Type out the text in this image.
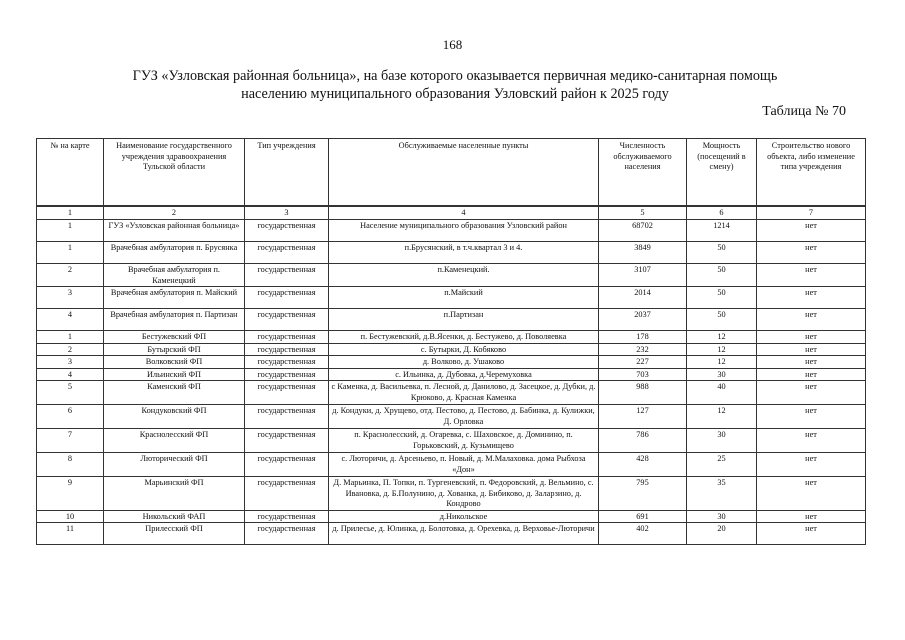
168
ГУЗ «Узловская районная больница», на базе которого оказывается первичная медико-санитарная помощь
населению муниципального образования Узловский район к 2025 году
Таблица № 70
№ на карте	Наименование государственного учреждения здравоохранения Тульской области	Тип учреждения	Обслуживаемые населенные пункты	Численность обслуживаемого населения	Мощность (посещений в смену)	Строительство нового объекта, либо изменение типа учреждения
1	2	3	4	5	6	7
1	ГУЗ «Узловская районная больница»	государственная	Население муниципального образования Узловский район	68702	1214	нет
1	Врачебная амбулатория п. Брусянка	государственная	п.Брусянский, в т.ч.квартал 3 и 4.	3849	50	нет
2	Врачебная амбулатория п. Каменецкий	государственная	п.Каменецкий.	3107	50	нет
3	Врачебная амбулатория п. Майский	государственная	п.Майский	2014	50	нет
4	Врачебная амбулатория п. Партизан	государственная	п.Партизан	2037	50	нет
1	Бестужевский ФП	государственная	п. Бестужевский, д.В.Ясенки, д. Бестужево, д. Поволяевка	178	12	нет
2	Бутырский ФП	государственная	с. Бутырки, Д. Кобяково	232	12	нет
3	Волковский ФП	государственная	д. Волково, д. Ушаково	227	12	нет
4	Ильинский ФП	государственная	с. Ильинка, д. Дубовка, д.Черемуховка	703	30	нет
5	Каменский ФП	государственная	с Каменка, д. Васильевка, п. Лесной, д. Данилово, д. Засецкое, д. Дубки, д. Крюково, д. Красная Каменка	988	40	нет
6	Кондуковский ФП	государственная	д. Кондуки, д. Хрущево, отд. Пестово, д. Пестово, д. Бабинка, д. Кулижки, Д. Орловка	127	12	нет
7	Краснолесский ФП	государственная	п. Краснолесский, д. Огаревка, с. Шаховское, д. Доминино, п. Горьковский, д. Кузьмищево	786	30	нет
8	Люторический ФП	государственная	с. Люторичи, д. Арсеньево, п. Новый, д. М.Малаховка. дома Рыбхоза «Дон»	428	25	нет
9	Марьинский ФП	государственная	Д. Марьинка, П. Топки, п. Тургеневский, п. Федоровский, д. Вельмино, с. Ивановка, д. Б.Полунино, д. Хованка, д. Бибиково, д. Заларзино, д. Кондрово	795	35	нет
10	Никольский ФАП	государственная	д.Никольское	691	30	нет
11	Прилесский ФП	государственная	д. Прилесье, д. Юлинка, д. Болотовка, д. Орехевка, д. Верховье-Люторичи	402	20	нет
